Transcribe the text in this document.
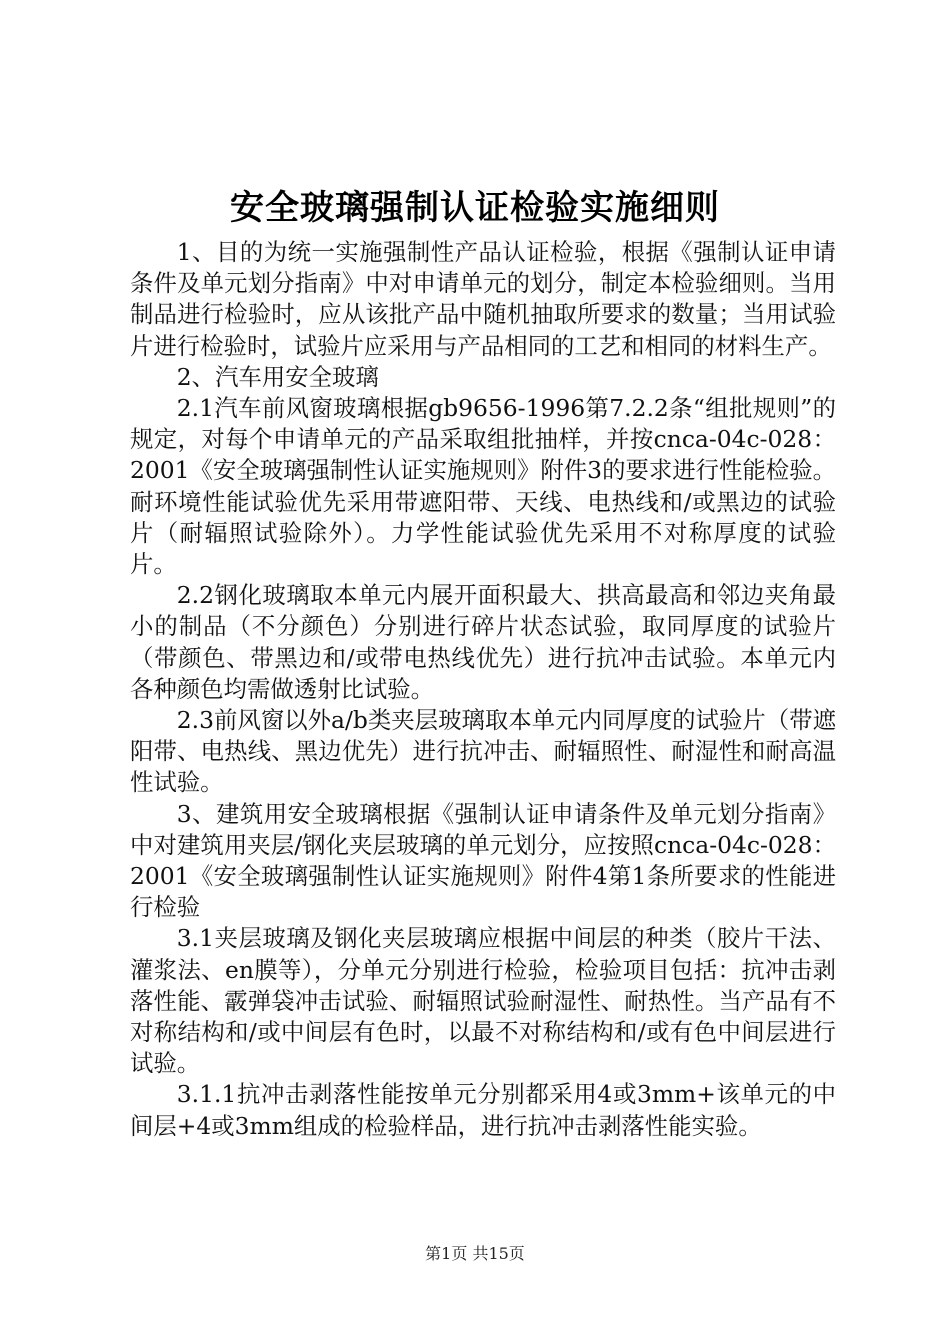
安全玻璃强制认证检验实施细则

1、目的为统一实施强制性产品认证检验，根据《强制认证申请条件及单元划分指南》中对申请单元的划分，制定本检验细则。当用制品进行检验时，应从该批产品中随机抽取所要求的数量；当用试验片进行检验时，试验片应采用与产品相同的工艺和相同的材料生产。

2、汽车用安全玻璃

2.1汽车前风窗玻璃根据gb9656-1996第7.2.2条“组批规则”的规定，对每个申请单元的产品采取组批抽样，并按cnca-04c-028：2001《安全玻璃强制性认证实施规则》附件3的要求进行性能检验。耐环境性能试验优先采用带遮阳带、天线、电热线和/或黑边的试验片（耐辐照试验除外）。力学性能试验优先采用不对称厚度的试验片。

2.2钢化玻璃取本单元内展开面积最大、拱高最高和邻边夹角最小的制品（不分颜色）分别进行碎片状态试验，取同厚度的试验片（带颜色、带黑边和/或带电热线优先）进行抗冲击试验。本单元内各种颜色均需做透射比试验。

2.3前风窗以外a/b类夹层玻璃取本单元内同厚度的试验片（带遮阳带、电热线、黑边优先）进行抗冲击、耐辐照性、耐湿性和耐高温性试验。

3、建筑用安全玻璃根据《强制认证申请条件及单元划分指南》中对建筑用夹层/钢化夹层玻璃的单元划分，应按照cnca-04c-028：2001《安全玻璃强制性认证实施规则》附件4第1条所要求的性能进行检验

3.1夹层玻璃及钢化夹层玻璃应根据中间层的种类（胶片干法、灌浆法、en膜等），分单元分别进行检验，检验项目包括：抗冲击剥落性能、霰弹袋冲击试验、耐辐照试验耐湿性、耐热性。当产品有不对称结构和/或中间层有色时，以最不对称结构和/或有色中间层进行试验。

3.1.1抗冲击剥落性能按单元分别都采用4或3mm+该单元的中间层+4或3mm组成的检验样品，进行抗冲击剥落性能实验。

第1页 共15页
